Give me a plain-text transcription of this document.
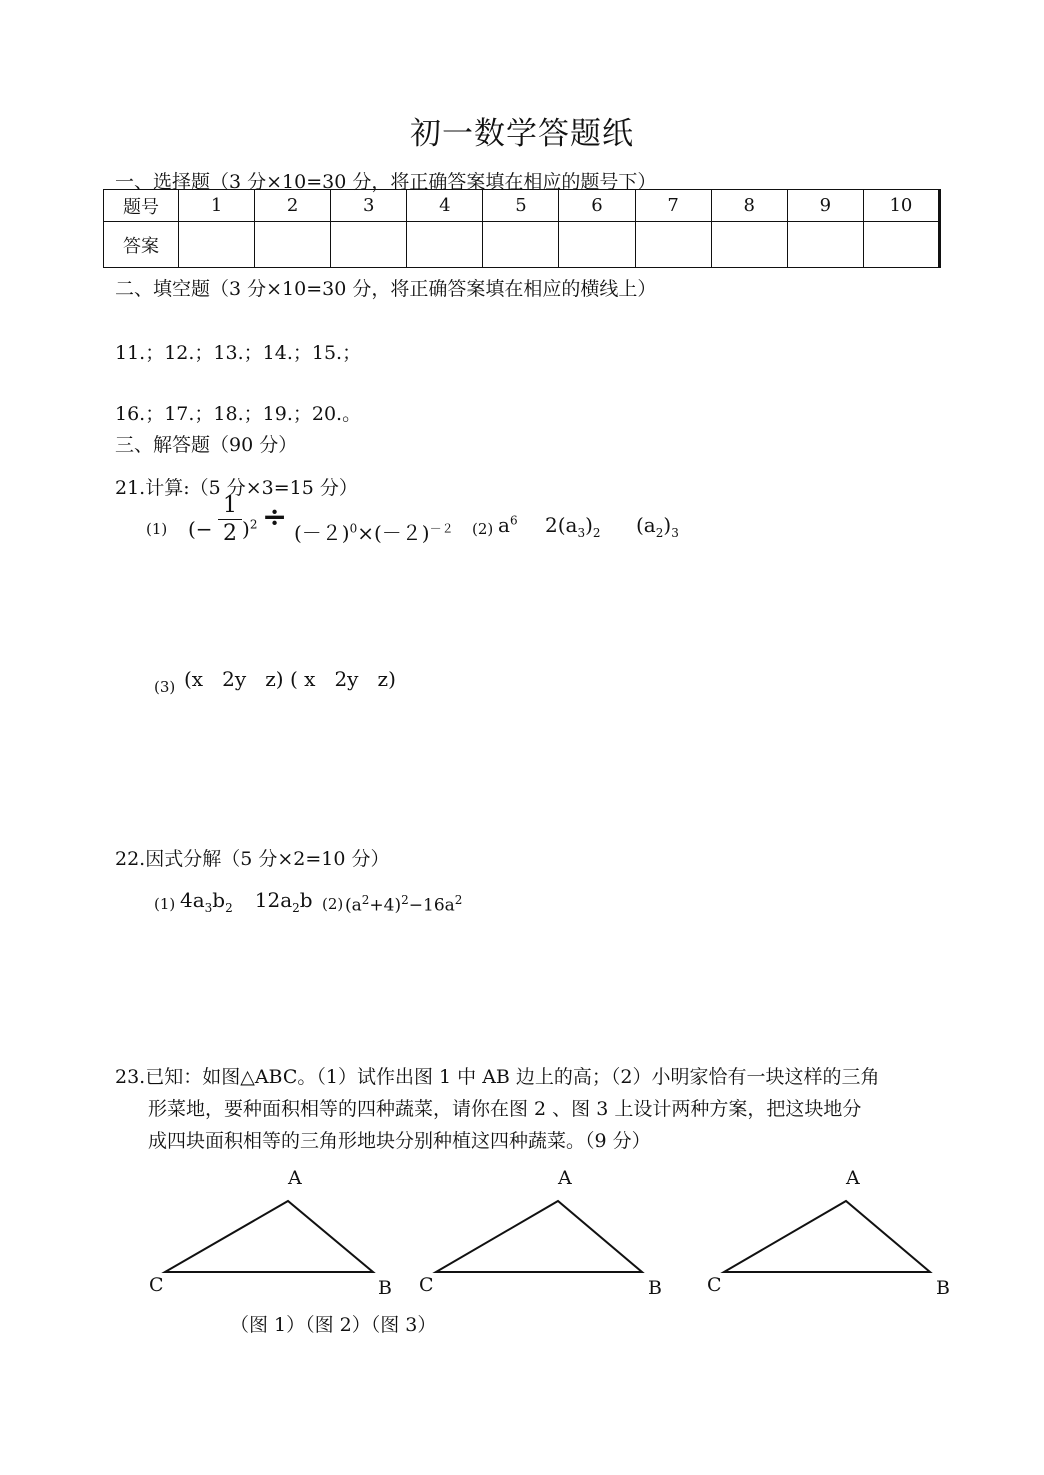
初一数学答题纸
一、选择题（3 分×10=30 分，将正确答案填在相应的题号下）
题号	1	2	3	4	5	6	7	8	9	10
答案										
二、填空题（3 分×10=30 分，将正确答案填在相应的横线上）
11.；12.；13.；14.；15.；
16.；17.；18.；19.；20.。
三、解答题（90 分）
21.计算:（5 分×3=15 分）
(1) (−
1
2 )$^2 \div (-2)^0\times(-2)^{-2}$ (2) $a^6$ $2(a_3)_2$ $(a_2)_3$
(3) (x   2y   z) ( x   2y   z)
22.因式分解（5 分×2=10 分）
(1) $4a_3b_2$ $12a_2b$ (2) $(a^2+4)^2-16a^2$
23.已知：如图△ABC。（1）试作出图 1 中 AB 边上的高；（2）小明家恰有一块这样的三角
形菜地，要种面积相等的四种蔬菜，请你在图 2 、图 3 上设计两种方案，把这块地分
成四块面积相等的三角形地块分别种植这四种蔬菜。（9 分）
A
C	B
A
C	B
A
C	B
（图 1）（图 2）（图 3）
